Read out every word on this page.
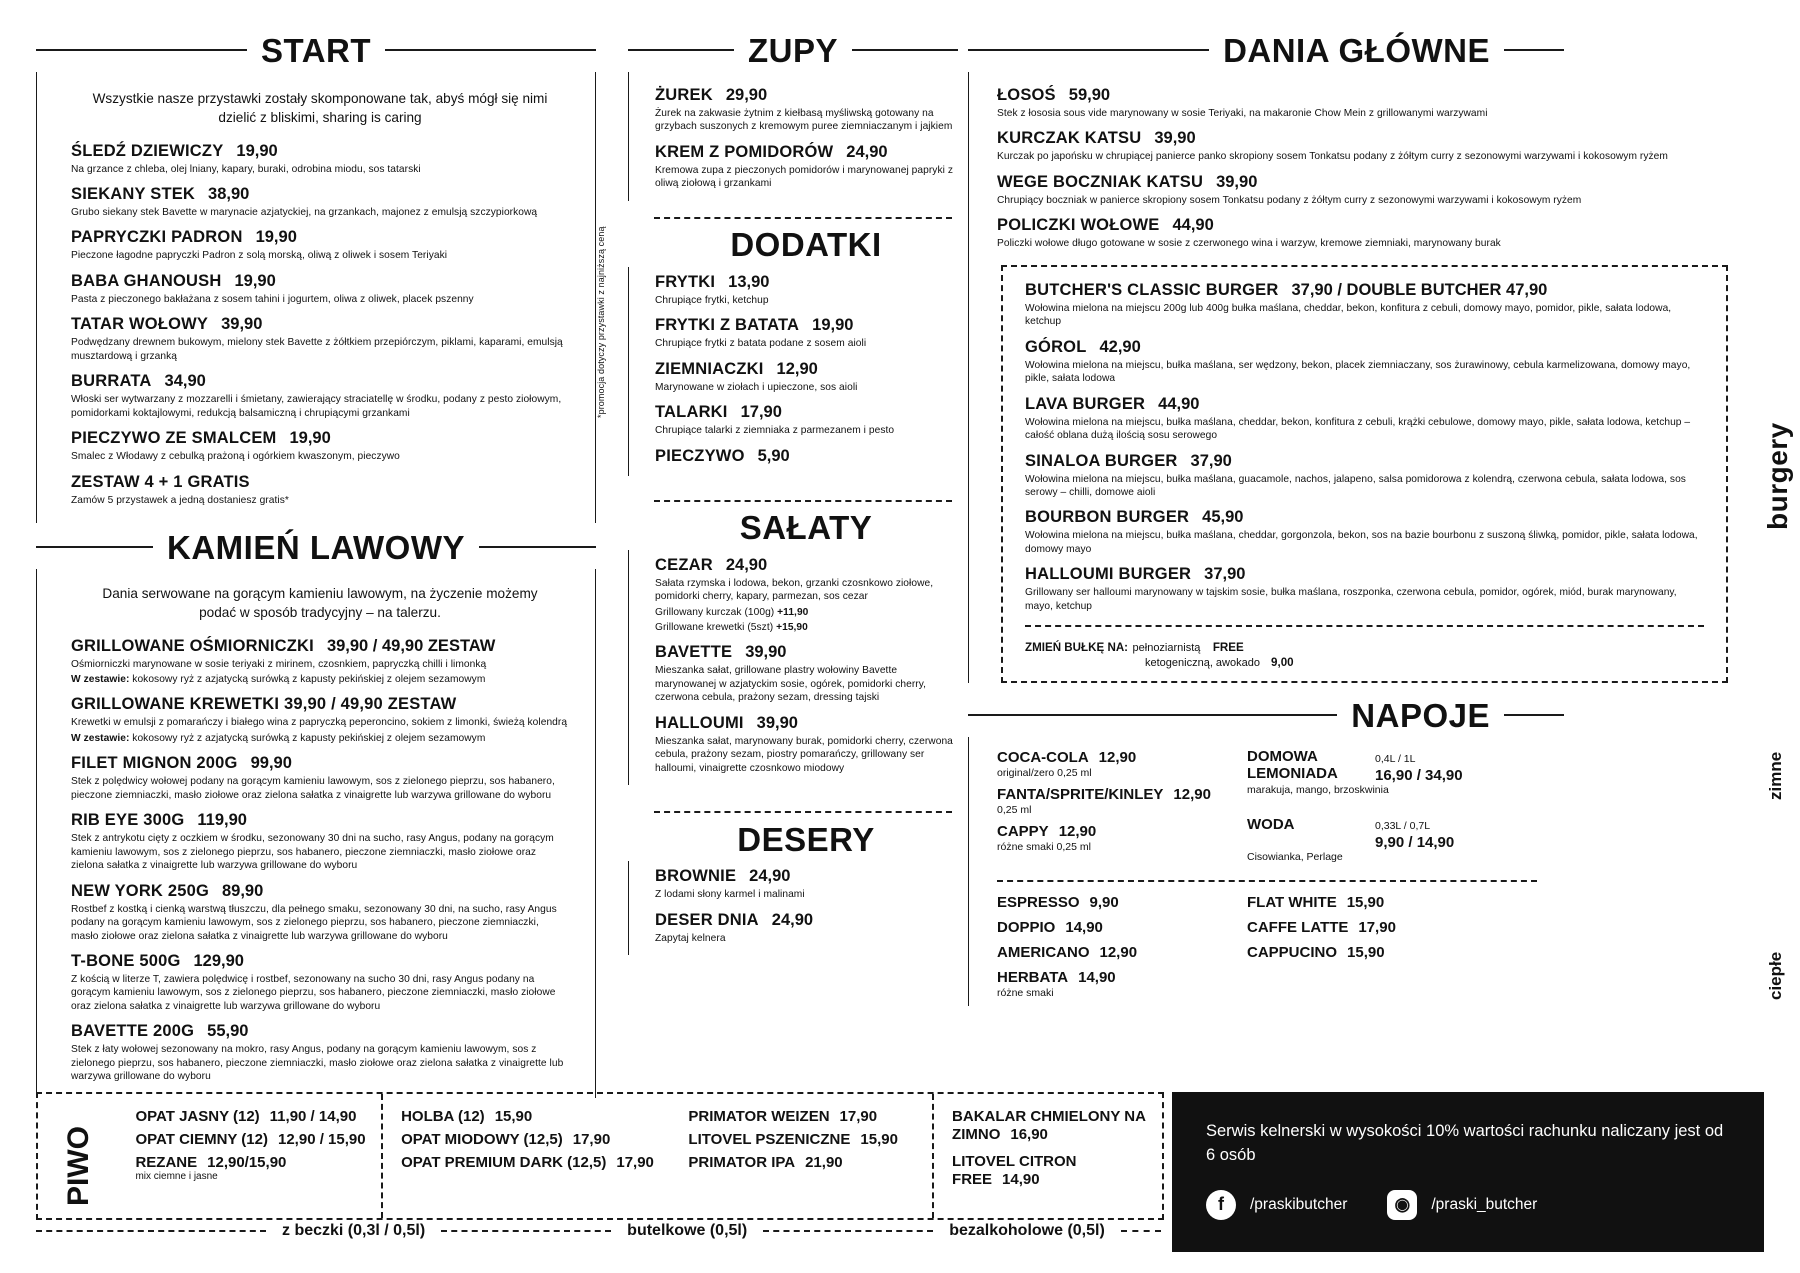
START
Wszystkie nasze przystawki zostały skomponowane tak, abyś mógł się nimi dzielić z bliskimi, sharing is caring
ŚLEDŹ DZIEWICZY 19,90
Na grzance z chleba, olej lniany, kapary, buraki, odrobina miodu, sos tatarski
SIEKANY STEK 38,90
Grubo siekany stek Bavette w marynacie azjatyckiej, na grzankach, majonez z emulsją szczypiorkową
PAPRYCZKI PADRON 19,90
Pieczone łagodne papryczki Padron z solą morską, oliwą z oliwek i sosem Teriyaki
BABA GHANOUSH 19,90
Pasta z pieczonego bakłażana z sosem tahini i jogurtem, oliwa z oliwek, placek pszenny
TATAR WOŁOWY 39,90
Podwędzany drewnem bukowym, mielony stek Bavette z żółtkiem przepiórczym, piklami, kaparami, emulsją musztardową i grzanką
BURRATA 34,90
Włoski ser wytwarzany z mozzarelli i śmietany, zawierający straciatellę w środku, podany z pesto ziołowym, pomidorkami koktajlowymi, redukcją balsamiczną i chrupiącymi grzankami
PIECZYWO ZE SMALCEM 19,90
Smalec z Włodawy z cebulką prażoną i ogórkiem kwaszonym, pieczywo
ZESTAW 4 + 1 GRATIS
Zamów 5 przystawek a jedną dostaniesz gratis*
KAMIEŃ LAWOWY
Dania serwowane na gorącym kamieniu lawowym, na życzenie możemy podać w sposób tradycyjny – na talerzu.
GRILLOWANE OŚMIORNICZKI 39,90 / 49,90 ZESTAW
Ośmiorniczki marynowane w sosie teriyaki z mirinem, czosnkiem, papryczką chilli i limonką
W zestawie: kokosowy ryż z azjatycką surówką z kapusty pekińskiej z olejem sezamowym
GRILLOWANE KREWETKI 39,90 / 49,90 ZESTAW
Krewetki w emulsji z pomarańczy i białego wina z papryczką peperoncino, sokiem z limonki, świeżą kolendrą
W zestawie: kokosowy ryż z azjatycką surówką z kapusty pekińskiej z olejem sezamowym
FILET MIGNON 200G 99,90
Stek z polędwicy wołowej podany na gorącym kamieniu lawowym, sos z zielonego pieprzu, sos habanero, pieczone ziemniaczki, masło ziołowe oraz zielona sałatka z vinaigrette lub warzywa grillowane do wyboru
RIB EYE 300G 119,90
Stek z antrykotu cięty z oczkiem w środku, sezonowany 30 dni na sucho, rasy Angus, podany na gorącym kamieniu lawowym, sos z zielonego pieprzu, sos habanero, pieczone ziemniaczki, masło ziołowe oraz zielona sałatka z vinaigrette lub warzywa grillowane do wyboru
NEW YORK 250G 89,90
Rostbef z kostką i cienką warstwą tłuszczu, dla pełnego smaku, sezonowany 30 dni, na sucho, rasy Angus podany na gorącym kamieniu lawowym, sos z zielonego pieprzu, sos habanero, pieczone ziemniaczki, masło ziołowe oraz zielona sałatka z vinaigrette lub warzywa grillowane do wyboru
T-BONE 500G 129,90
Z kością w literze T, zawiera polędwicę i rostbef, sezonowany na sucho 30 dni, rasy Angus podany na gorącym kamieniu lawowym, sos z zielonego pieprzu, sos habanero, pieczone ziemniaczki, masło ziołowe oraz zielona sałatka z vinaigrette lub warzywa grillowane do wyboru
BAVETTE 200G 55,90
Stek z łaty wołowej sezonowany na mokro, rasy Angus, podany na gorącym kamieniu lawowym, sos z zielonego pieprzu, sos habanero, pieczone ziemniaczki, masło ziołowe oraz zielona sałatka z vinaigrette lub warzywa grillowane do wyboru
*promocja dotyczy przystawki z najniższą ceną
ZUPY
ŻUREK 29,90
Żurek na zakwasie żytnim z kiełbasą myśliwską gotowany na grzybach suszonych z kremowym puree ziemniaczanym i jajkiem
KREM Z POMIDORÓW 24,90
Kremowa zupa z pieczonych pomidorów i marynowanej papryki z oliwą ziołową i grzankami
DODATKI
FRYTKI 13,90
Chrupiące frytki, ketchup
FRYTKI Z BATATA 19,90
Chrupiące frytki z batata podane z sosem aioli
ZIEMNIACZKI 12,90
Marynowane w ziołach i upieczone, sos aioli
TALARKI 17,90
Chrupiące talarki z ziemniaka z parmezanem i pesto
PIECZYWO 5,90
SAŁATY
CEZAR 24,90
Sałata rzymska i lodowa, bekon, grzanki czosnkowo ziołowe, pomidorki cherry, kapary, parmezan, sos cezar
Grillowany kurczak (100g) +11,90
Grillowane krewetki (5szt) +15,90
BAVETTE 39,90
Mieszanka sałat, grillowane plastry wołowiny Bavette marynowanej w azjatyckim sosie, ogórek, pomidorki cherry, czerwona cebula, prażony sezam, dressing tajski
HALLOUMI 39,90
Mieszanka sałat, marynowany burak, pomidorki cherry, czerwona cebula, prażony sezam, piostry pomarańczy, grillowany ser halloumi, vinaigrette czosnkowo miodowy
DESERY
BROWNIE 24,90
Z lodami słony karmel i malinami
DESER DNIA 24,90
Zapytaj kelnera
DANIA GŁÓWNE
ŁOSOŚ 59,90
Stek z łososia sous vide marynowany w sosie Teriyaki, na makaronie Chow Mein z grillowanymi warzywami
KURCZAK KATSU 39,90
Kurczak po japońsku w chrupiącej panierce panko skropiony sosem Tonkatsu podany z żółtym curry z sezonowymi warzywami i kokosowym ryżem
WEGE BOCZNIAK KATSU 39,90
Chrupiący boczniak w panierce skropiony sosem Tonkatsu podany z żółtym curry z sezonowymi warzywami i kokosowym ryżem
POLICZKI WOŁOWE 44,90
Policzki wołowe długo gotowane w sosie z czerwonego wina i warzyw, kremowe ziemniaki, marynowany burak
BUTCHER'S CLASSIC BURGER 37,90 / DOUBLE BUTCHER 47,90
Wołowina mielona na miejscu 200g lub 400g bułka maślana, cheddar, bekon, konfitura z cebuli, domowy mayo, pomidor, pikle, sałata lodowa, ketchup
GÓROL 42,90
Wołowina mielona na miejscu, bułka maślana, ser wędzony, bekon, placek ziemniaczany, sos żurawinowy, cebula karmelizowana, domowy mayo, pikle, sałata lodowa
LAVA BURGER 44,90
Wołowina mielona na miejscu, bułka maślana, cheddar, bekon, konfitura z cebuli, krążki cebulowe, domowy mayo, pikle, sałata lodowa, ketchup – całość oblana dużą ilością sosu serowego
SINALOA BURGER 37,90
Wołowina mielona na miejscu, bułka maślana, guacamole, nachos, jalapeno, salsa pomidorowa z kolendrą, czerwona cebula, sałata lodowa, sos serowy – chilli, domowe aioli
BOURBON BURGER 45,90
Wołowina mielona na miejscu, bułka maślana, cheddar, gorgonzola, bekon, sos na bazie bourbonu z suszoną śliwką, pomidor, pikle, sałata lodowa, domowy mayo
HALLOUMI BURGER 37,90
Grillowany ser halloumi marynowany w tajskim sosie, bułka maślana, roszponka, czerwona cebula, pomidor, ogórek, miód, burak marynowany, mayo, ketchup
ZMIEŃ BUŁKĘ NA: pełnoziarnistą FREE
ketogeniczną, awokado 9,00
NAPOJE
COCA-COLA 12,90
original/zero 0,25 ml
FANTA/SPRITE/KINLEY 12,90
0,25 ml
CAPPY 12,90
różne smaki 0,25 ml
DOMOWA LEMONIADA
0,4L / 1L
16,90 / 34,90
marakuja, mango, brzoskwinia
WODA	0,33L / 0,7L
9,90 / 14,90
Cisowianka, Perlage
ESPRESSO 9,90
DOPPIO 14,90
AMERICANO 12,90
HERBATA 14,90
różne smaki
FLAT WHITE 15,90
CAFFE LATTE 17,90
CAPPUCINO 15,90
burgery
zimne
ciepłe
PIWO
OPAT JASNY (12) 11,90 / 14,90
OPAT CIEMNY (12) 12,90 / 15,90
REZANE 12,90/15,90
mix ciemne i jasne
HOLBA (12) 15,90
OPAT MIODOWY (12,5) 17,90
OPAT PREMIUM DARK (12,5) 17,90
PRIMATOR WEIZEN 17,90
LITOVEL PSZENICZNE 15,90
PRIMATOR IPA 21,90
BAKALAR CHMIELONY NA ZIMNO 16,90
LITOVEL CITRON FREE 14,90
z beczki (0,3l / 0,5l)	butelkowe (0,5l)	bezalkoholowe (0,5l)

Serwis kelnerski w wysokości 10% wartości rachunku naliczany jest od 6 osób

f	/praskibutcher	◉	/praski_butcher
